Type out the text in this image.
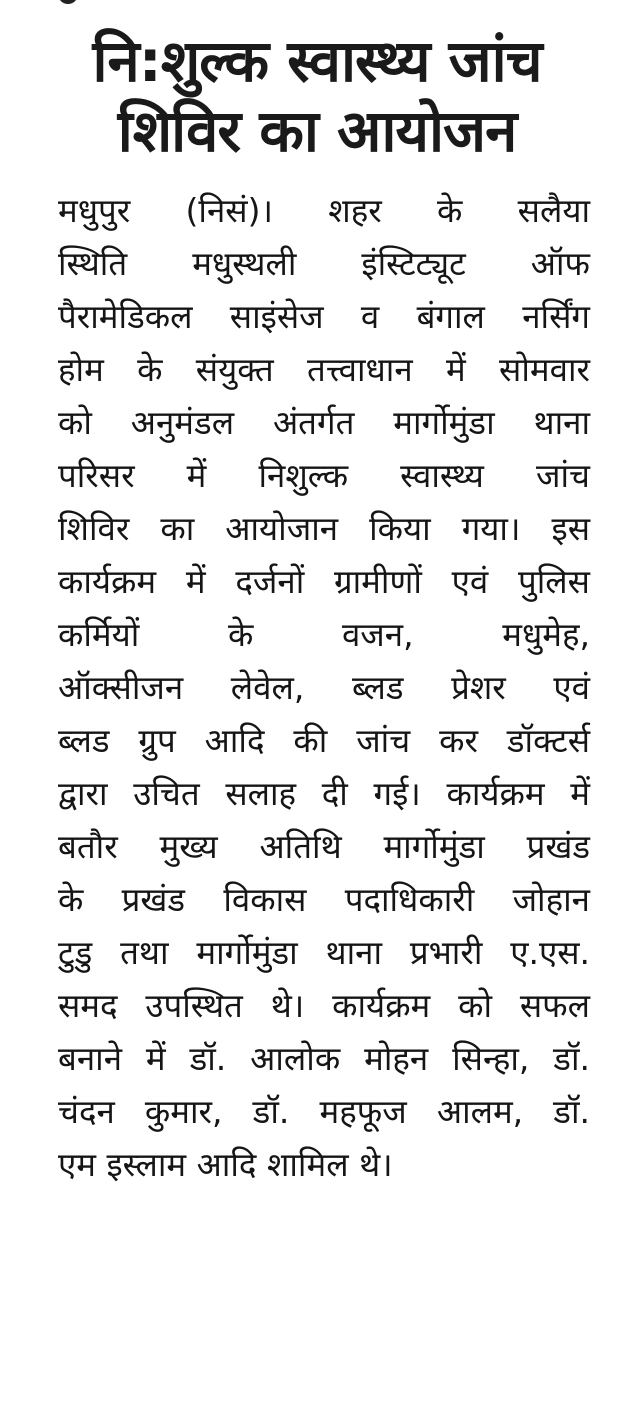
नि:शुल्क स्वास्थ्य जांच
शिविर का आयोजन
मधुपुर (निसं)। शहर के सलैया
स्थिति मधुस्थली इंस्टिट्यूट ऑफ
पैरामेडिकल साइंसेज व बंगाल नर्सिंग
होम के संयुक्त तत्त्वाधान में सोमवार
को अनुमंडल अंतर्गत मार्गोमुंडा थाना
परिसर में निशुल्क स्वास्थ्य जांच
शिविर का आयोजान किया गया। इस
कार्यक्रम में दर्जनों ग्रामीणों एवं पुलिस
कर्मियों के वजन, मधुमेह,
ऑक्सीजन लेवेल, ब्लड प्रेशर एवं
ब्लड ग्रुप आदि की जांच कर डॉक्टर्स
द्वारा उचित सलाह दी गई। कार्यक्रम में
बतौर मुख्य अतिथि मार्गोमुंडा प्रखंड
के प्रखंड विकास पदाधिकारी जोहान
टुडु तथा मार्गोमुंडा थाना प्रभारी ए.एस.
समद उपस्थित थे। कार्यक्रम को सफल
बनाने में डॉ. आलोक मोहन सिन्हा, डॉ.
चंदन कुमार, डॉ. महफूज आलम, डॉ.
एम इस्लाम आदि शामिल थे।
